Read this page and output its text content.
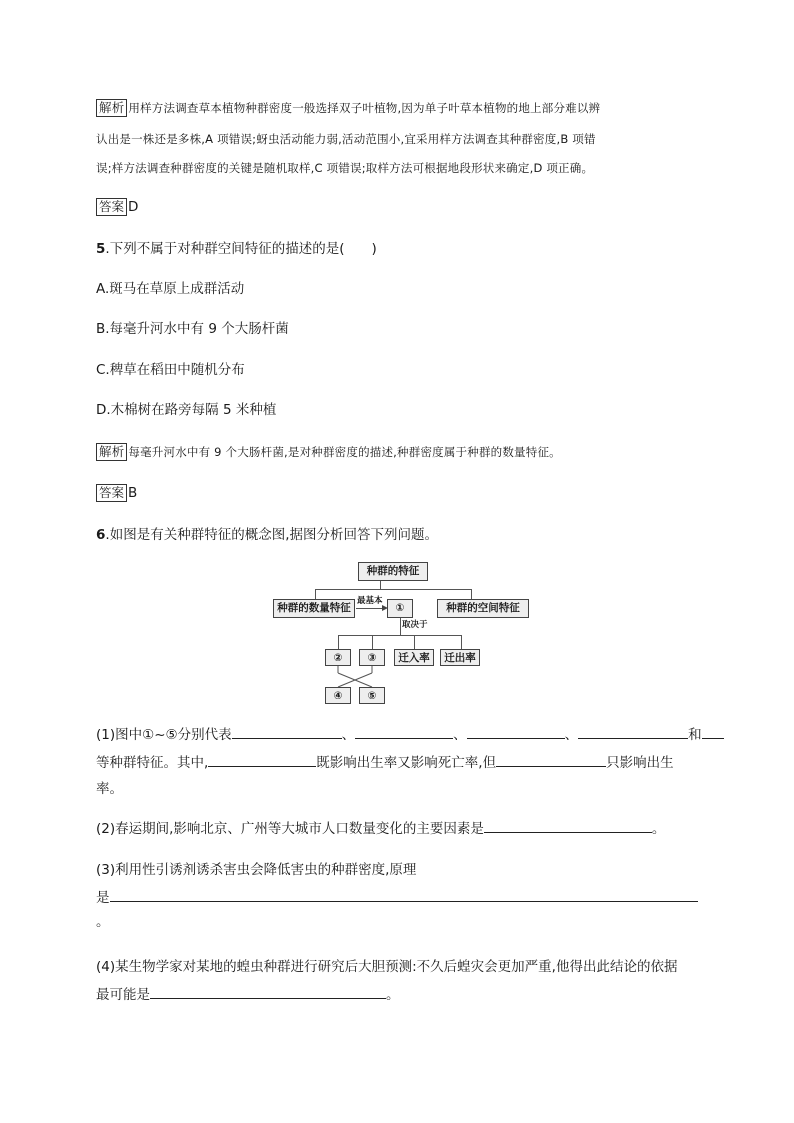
解析 用样方法调查草本植物种群密度一般选择双子叶植物,因为单子叶草本植物的地上部分难以辨
认出是一株还是多株,A 项错误;蚜虫活动能力弱,活动范围小,宜采用样方法调查其种群密度,B 项错
误;样方法调查种群密度的关键是随机取样,C 项错误;取样方法可根据地段形状来确定,D 项正确。
答案 D
5.下列不属于对种群空间特征的描述的是(　　)
A.斑马在草原上成群活动
B.每毫升河水中有 9 个大肠杆菌
C.稗草在稻田中随机分布
D.木棉树在路旁每隔 5 米种植
解析 每毫升河水中有 9 个大肠杆菌,是对种群密度的描述,种群密度属于种群的数量特征。
答案 B
6.如图是有关种群特征的概念图,据图分析回答下列问题。
最基本
取决于
种群的特征
种群的数量特征	①	种群的空间特征
②	③	迁入率	迁出率
④	⑤
(1)图中①~⑤分别代表	、	、	、	和
等种群特征。其中,	既影响出生率又影响死亡率,但	只影响出生
率。
(2)春运期间,影响北京、广州等大城市人口数量变化的主要因素是	。
(3)利用性引诱剂诱杀害虫会降低害虫的种群密度,原理
是
。
(4)某生物学家对某地的蝗虫种群进行研究后大胆预测:不久后蝗灾会更加严重,他得出此结论的依据
最可能是	。
